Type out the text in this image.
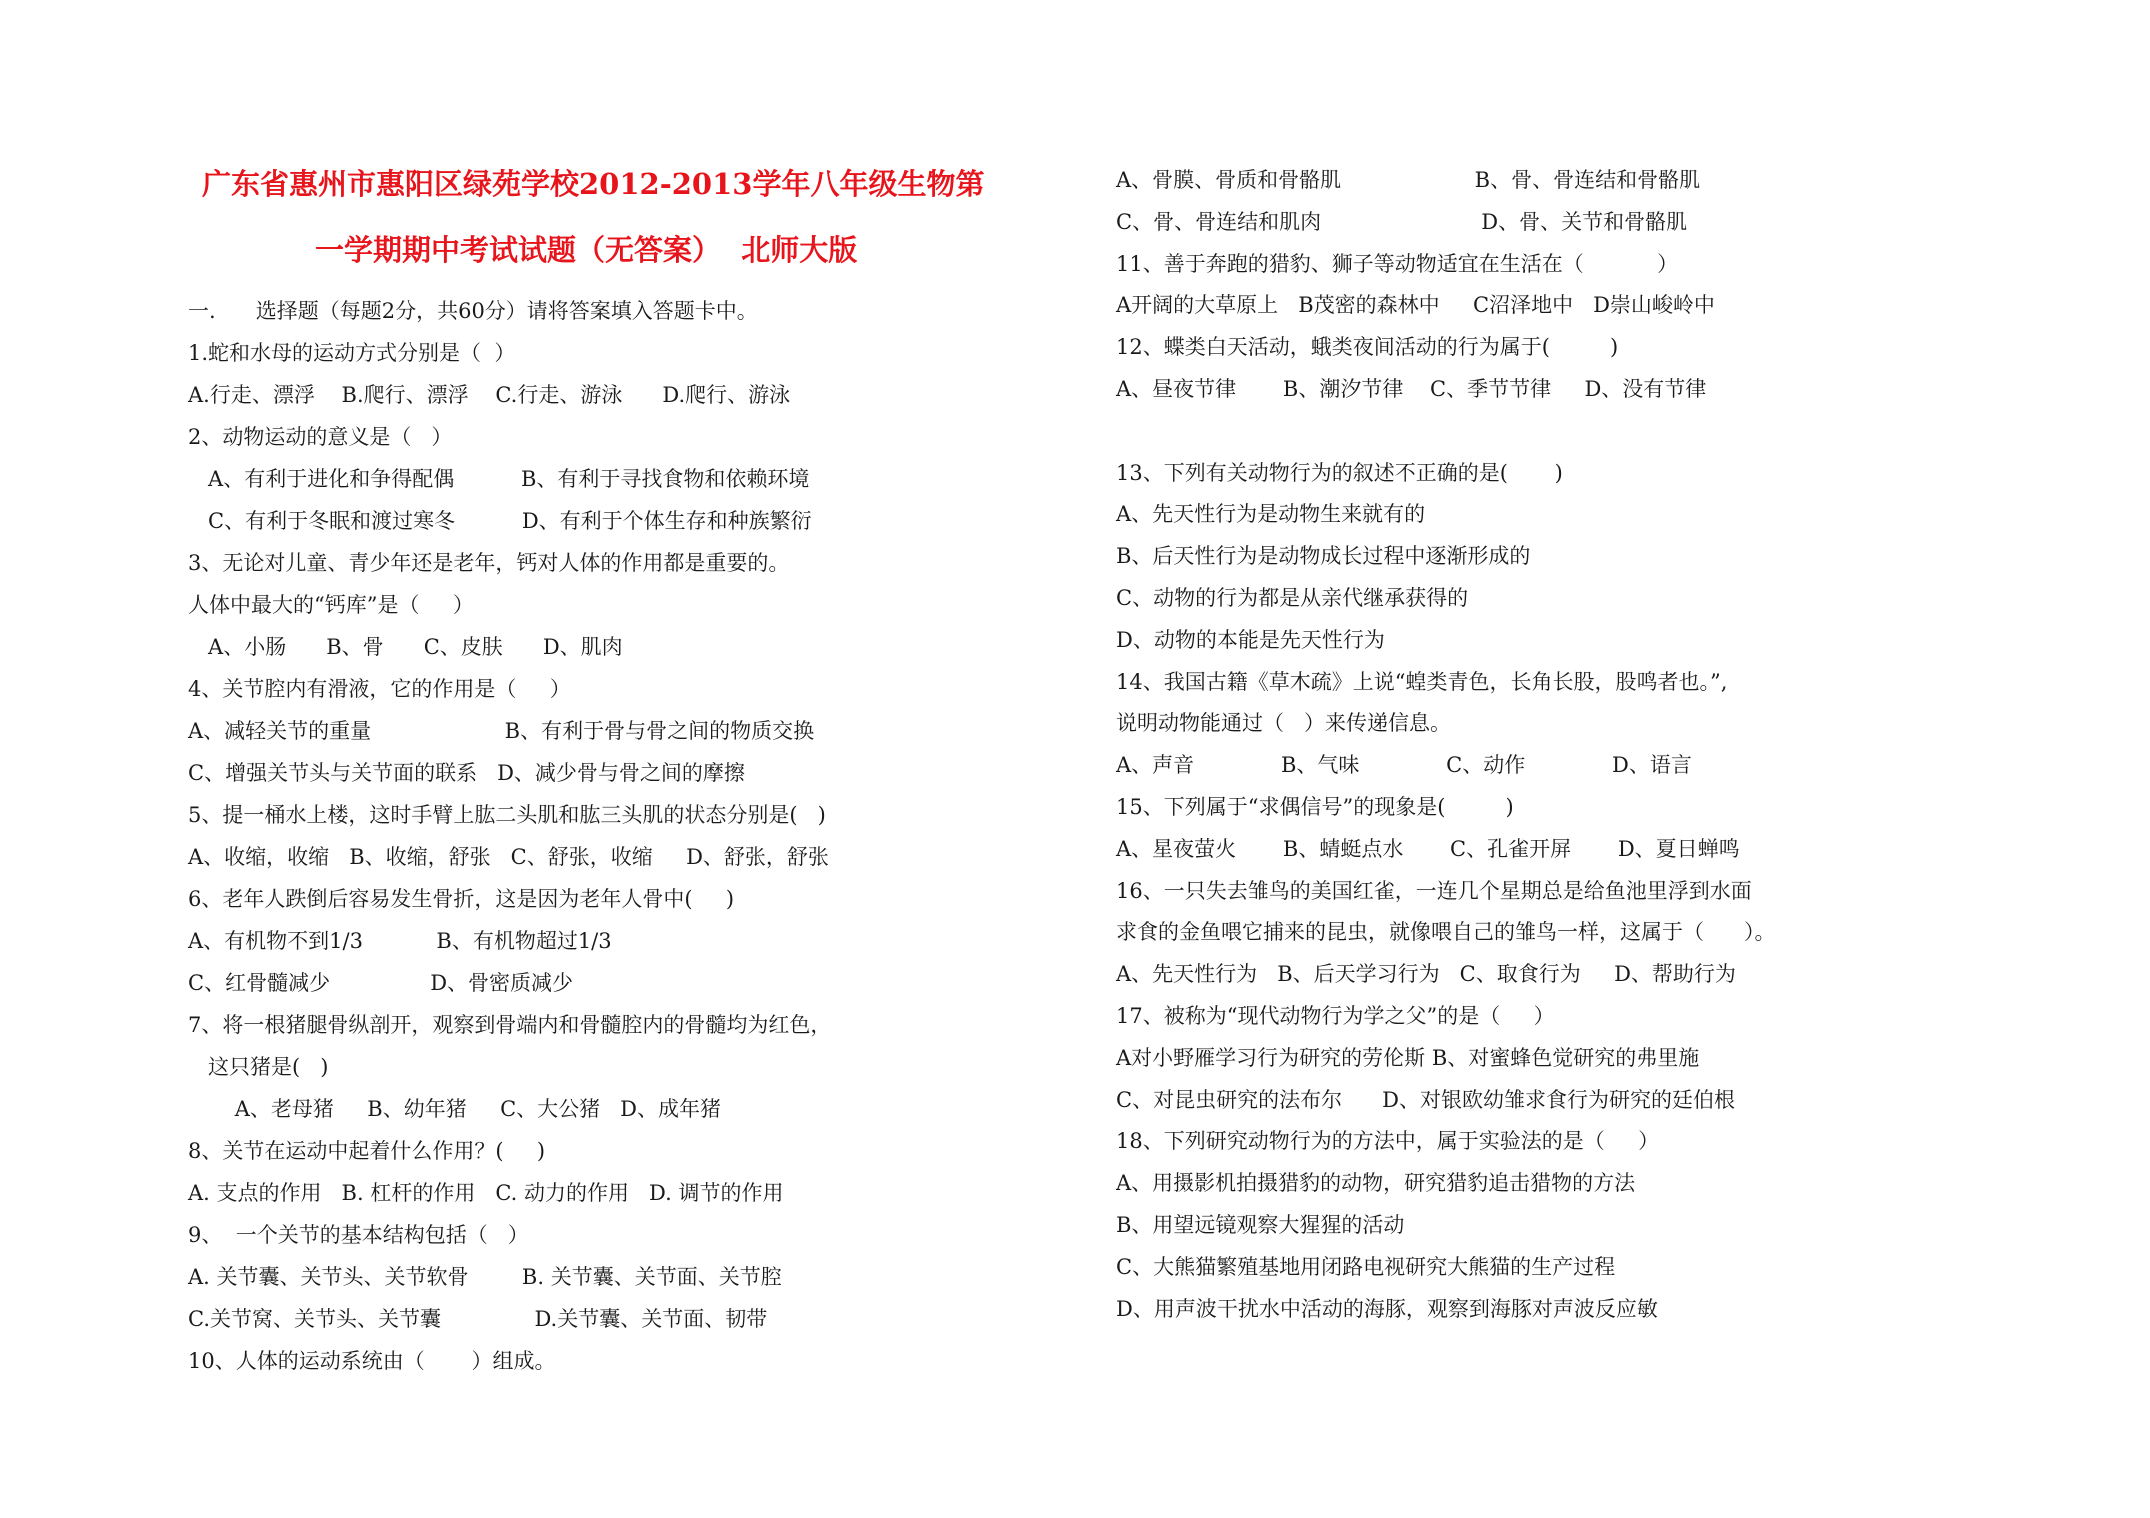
广东省惠州市惠阳区绿苑学校2012-2013学年八年级生物第
一学期期中考试试题（无答案）  北师大版
一.      选择题（每题2分，共60分）请将答案填入答题卡中。
1.蛇和水母的运动方式分别是（  ）
A.行走、漂浮    B.爬行、漂浮    C.行走、游泳      D.爬行、游泳
2、动物运动的意义是（   ）
A、有利于进化和争得配偶          B、有利于寻找食物和依赖环境
C、有利于冬眠和渡过寒冬          D、有利于个体生存和种族繁衍
3、无论对儿童、青少年还是老年，钙对人体的作用都是重要的。
人体中最大的“钙库”是（     ）
A、小肠      B、骨      C、皮肤      D、肌肉
4、关节腔内有滑液，它的作用是（     ）
A、减轻关节的重量                    B、有利于骨与骨之间的物质交换
C、增强关节头与关节面的联系   D、减少骨与骨之间的摩擦
5、提一桶水上楼，这时手臂上肱二头肌和肱三头肌的状态分别是(   )
A、收缩，收缩   B、收缩，舒张   C、舒张，收缩     D、舒张，舒张
6、老年人跌倒后容易发生骨折，这是因为老年人骨中(     )
A、有机物不到1/3           B、有机物超过1/3
C、红骨髓减少               D、骨密质减少
7、将一根猪腿骨纵剖开，观察到骨端内和骨髓腔内的骨髓均为红色，
这只猪是(   )
A、老母猪     B、幼年猪     C、大公猪   D、成年猪
8、关节在运动中起着什么作用？(     )
A. 支点的作用   B. 杠杆的作用   C. 动力的作用   D. 调节的作用
9、  一个关节的基本结构包括（   ）
A. 关节囊、关节头、关节软骨        B. 关节囊、关节面、关节腔
C.关节窝、关节头、关节囊              D.关节囊、关节面、韧带
10、人体的运动系统由（       ）组成。
A、骨膜、骨质和骨骼肌                    B、骨、骨连结和骨骼肌
C、骨、骨连结和肌肉                        D、骨、关节和骨骼肌
11、善于奔跑的猎豹、狮子等动物适宜在生活在（           ）
A开阔的大草原上   B茂密的森林中     C沼泽地中   D崇山峻岭中
12、蝶类白天活动，蛾类夜间活动的行为属于(         )
A、昼夜节律       B、潮汐节律    C、季节节律     D、没有节律
13、下列有关动物行为的叙述不正确的是(       )
A、先天性行为是动物生来就有的
B、后天性行为是动物成长过程中逐渐形成的
C、动物的行为都是从亲代继承获得的
D、动物的本能是先天性行为
14、我国古籍《草木疏》上说“蝗类青色，长角长股，股鸣者也。”,
说明动物能通过（   ）来传递信息。
A、声音             B、气味             C、动作             D、语言
15、下列属于“求偶信号”的现象是(         )
A、星夜萤火       B、蜻蜓点水       C、孔雀开屏       D、夏日蝉鸣
16、一只失去雏鸟的美国红雀，一连几个星期总是给鱼池里浮到水面
求食的金鱼喂它捕来的昆虫，就像喂自己的雏鸟一样，这属于（      ）。
A、先天性行为   B、后天学习行为   C、取食行为     D、帮助行为
17、被称为“现代动物行为学之父”的是（     ）
A对小野雁学习行为研究的劳伦斯 B、对蜜蜂色觉研究的弗里施
C、对昆虫研究的法布尔      D、对银欧幼雏求食行为研究的廷伯根
18、下列研究动物行为的方法中，属于实验法的是（     ）
A、用摄影机拍摄猎豹的动物，研究猎豹追击猎物的方法
B、用望远镜观察大猩猩的活动
C、大熊猫繁殖基地用闭路电视研究大熊猫的生产过程
D、用声波干扰水中活动的海豚，观察到海豚对声波反应敏
